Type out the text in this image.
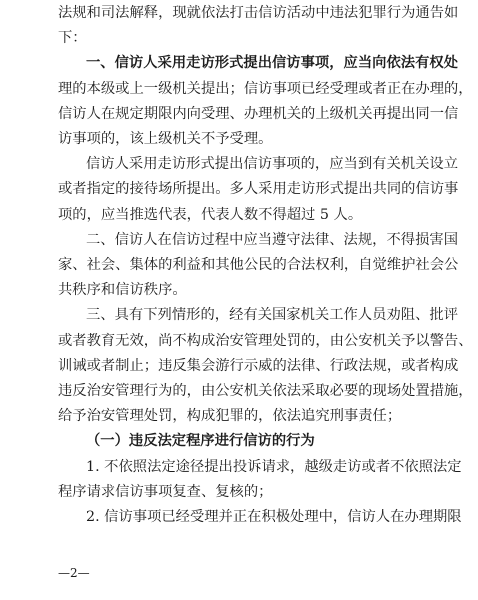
法规和司法解释，现就依法打击信访活动中违法犯罪行为通告如

下：

一、信访人采用走访形式提出信访事项，应当向依法有权处

理的本级或上一级机关提出；信访事项已经受理或者正在办理的，

信访人在规定期限内向受理、办理机关的上级机关再提出同一信

访事项的，该上级机关不予受理。

信访人采用走访形式提出信访事项的，应当到有关机关设立

或者指定的接待场所提出。多人采用走访形式提出共同的信访事

项的，应当推选代表，代表人数不得超过 5 人。

二、信访人在信访过程中应当遵守法律、法规，不得损害国

家、社会、集体的利益和其他公民的合法权利，自觉维护社会公

共秩序和信访秩序。

三、具有下列情形的，经有关国家机关工作人员劝阻、批评

或者教育无效，尚不构成治安管理处罚的，由公安机关予以警告、

训诫或者制止；违反集会游行示威的法律、行政法规，或者构成

违反治安管理行为的，由公安机关依法采取必要的现场处置措施，

给予治安管理处罚，构成犯罪的，依法追究刑事责任；

（一）违反法定程序进行信访的行为

1. 不依照法定途径提出投诉请求，越级走访或者不依照法定

程序请求信访事项复查、复核的；

2. 信访事项已经受理并正在积极处理中，信访人在办理期限

—2—
